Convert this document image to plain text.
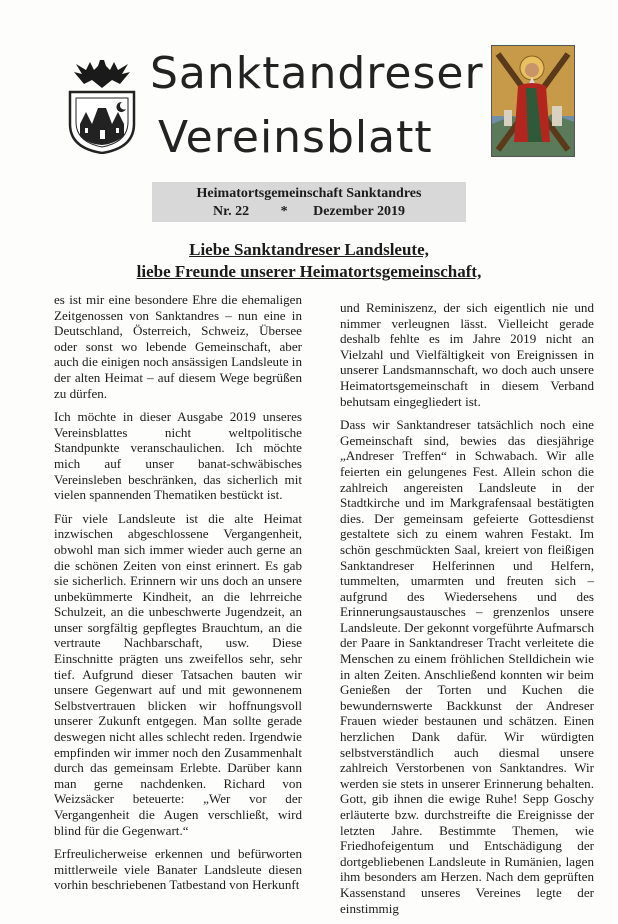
Sanktandreser
Vereinsblatt
Heimatortsgemeinschaft Sanktandres
Nr. 22 * Dezember 2019
Liebe Sanktandreser Landsleute,
liebe Freunde unserer Heimatortsgemeinschaft,

es ist mir eine besondere Ehre die ehemaligen Zeitgenossen von Sanktandres – nun eine in Deutschland, Österreich, Schweiz, Übersee oder sonst wo lebende Gemeinschaft, aber auch die einigen noch ansässigen Landsleute in der alten Heimat – auf diesem Wege begrüßen zu dürfen.

Ich möchte in dieser Ausgabe 2019 unseres Vereinsblattes nicht weltpolitische Standpunkte veranschaulichen. Ich möchte mich auf unser banat-schwäbisches Vereinsleben beschränken, das sicherlich mit vielen spannenden Thematiken bestückt ist.

Für viele Landsleute ist die alte Heimat inzwischen abgeschlossene Vergangenheit, obwohl man sich immer wieder auch gerne an die schönen Zeiten von einst erinnert. Es gab sie sicherlich. Erinnern wir uns doch an unsere unbekümmerte Kindheit, an die lehrreiche Schulzeit, an die unbeschwerte Jugendzeit, an unser sorgfältig gepflegtes Brauchtum, an die vertraute Nachbarschaft, usw. Diese Einschnitte prägten uns zweifellos sehr, sehr tief. Aufgrund dieser Tatsachen bauten wir unsere Gegenwart auf und mit gewonnenem Selbstvertrauen blicken wir hoffnungsvoll unserer Zukunft entgegen. Man sollte gerade deswegen nicht alles schlecht reden. Irgendwie empfinden wir immer noch den Zusammenhalt durch das gemeinsam Erlebte. Darüber kann man gerne nachdenken. Richard von Weizsäcker beteuerte: „Wer vor der Vergangenheit die Augen verschließt, wird blind für die Gegenwart.“

Erfreulicherweise erkennen und befürworten mittlerweile viele Banater Landsleute diesen vorhin beschriebenen Tatbestand von Herkunft

und Reminiszenz, der sich eigentlich nie und nimmer verleugnen lässt. Vielleicht gerade deshalb fehlte es im Jahre 2019 nicht an Vielzahl und Vielfältigkeit von Ereignissen in unserer Landsmannschaft, wo doch auch unsere Heimatortsgemeinschaft in diesem Verband behutsam eingegliedert ist.

Dass wir Sanktandreser tatsächlich noch eine Gemeinschaft sind, bewies das diesjährige „Andreser Treffen“ in Schwabach. Wir alle feierten ein gelungenes Fest. Allein schon die zahlreich angereisten Landsleute in der Stadtkirche und im Markgrafensaal bestätigten dies. Der gemeinsam gefeierte Gottesdienst gestaltete sich zu einem wahren Festakt. Im schön geschmückten Saal, kreiert von fleißigen Sanktandreser Helferinnen und Helfern, tummelten, umarmten und freuten sich – aufgrund des Wiedersehens und des Erinnerungsaustausches – grenzenlos unsere Landsleute. Der gekonnt vorgeführte Aufmarsch der Paare in Sanktandreser Tracht verleitete die Menschen zu einem fröhlichen Stelldichein wie in alten Zeiten. Anschließend konnten wir beim Genießen der Torten und Kuchen die bewundernswerte Backkunst der Andreser Frauen wieder bestaunen und schätzen. Einen herzlichen Dank dafür. Wir würdigten selbstverständlich auch diesmal unsere zahlreich Verstorbenen von Sanktandres. Wir werden sie stets in unserer Erinnerung behalten. Gott, gib ihnen die ewige Ruhe! Sepp Goschy erläuterte bzw. durchstreifte die Ereignisse der letzten Jahre. Bestimmte Themen, wie Friedhofeigentum und Entschädigung der dortgebliebenen Landsleute in Rumänien, lagen ihm besonders am Herzen. Nach dem geprüften Kassenstand unseres Vereines legte der einstimmig
